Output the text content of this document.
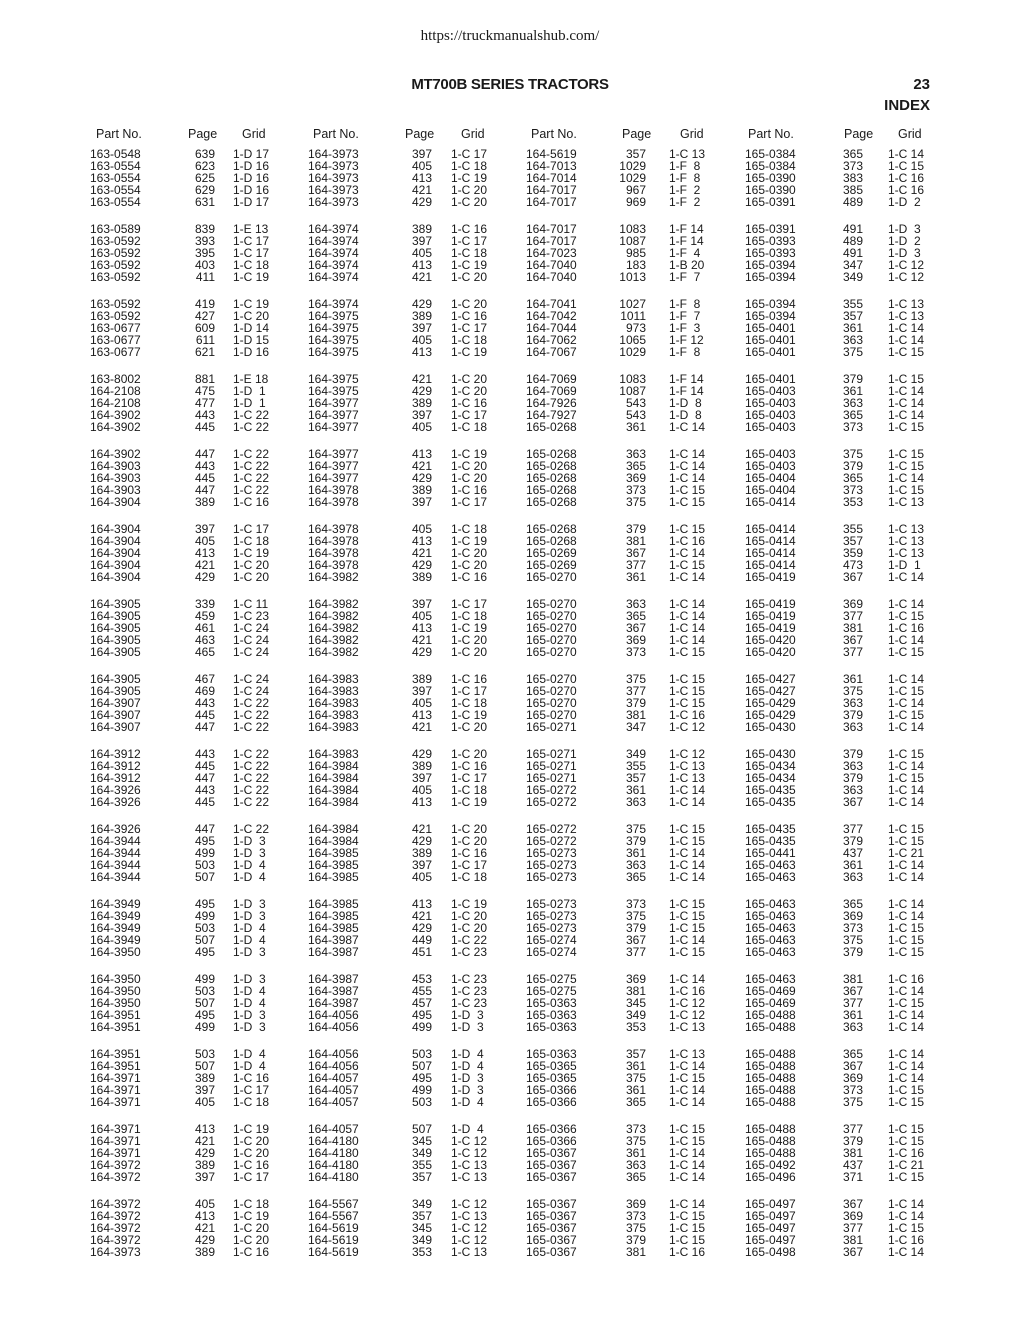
https://truckmanualshub.com/
MT700B SERIES TRACTORS	23
INDEX
Part No.	Page Grid	Part No.	Page Grid	Part No.	Page Grid	Part No.	Page Grid
163-0548	639 1-D 17	164-3973	397 1-C 17	164-5619	357 1-C 13	165-0384	365 1-C 14
163-0554	623 1-D 16	164-3973	405 1-C 18	164-7013	1029 1-F  8	165-0384	373 1-C 15
163-0554	625 1-D 16	164-3973	413 1-C 19	164-7014	1029 1-F  8	165-0390	383 1-C 16
163-0554	629 1-D 16	164-3973	421 1-C 20	164-7017	967 1-F  2	165-0390	385 1-C 16
163-0554	631 1-D 17	164-3973	429 1-C 20	164-7017	969 1-F  2	165-0391	489 1-D  2
163-0589	839 1-E 13	164-3974	389 1-C 16	164-7017	1083 1-F 14	165-0391	491 1-D  3
163-0592	393 1-C 17	164-3974	397 1-C 17	164-7017	1087 1-F 14	165-0393	489 1-D  2
163-0592	395 1-C 17	164-3974	405 1-C 18	164-7023	985 1-F  4	165-0393	491 1-D  3
163-0592	403 1-C 18	164-3974	413 1-C 19	164-7040	183 1-B 20	165-0394	347 1-C 12
163-0592	411 1-C 19	164-3974	421 1-C 20	164-7040	1013 1-F  7	165-0394	349 1-C 12
163-0592	419 1-C 19	164-3974	429 1-C 20	164-7041	1027 1-F  8	165-0394	355 1-C 13
163-0592	427 1-C 20	164-3975	389 1-C 16	164-7042	1011 1-F  7	165-0394	357 1-C 13
163-0677	609 1-D 14	164-3975	397 1-C 17	164-7044	973 1-F  3	165-0401	361 1-C 14
163-0677	611 1-D 15	164-3975	405 1-C 18	164-7062	1065 1-F 12	165-0401	363 1-C 14
163-0677	621 1-D 16	164-3975	413 1-C 19	164-7067	1029 1-F  8	165-0401	375 1-C 15
163-8002	881 1-E 18	164-3975	421 1-C 20	164-7069	1083 1-F 14	165-0401	379 1-C 15
164-2108	475 1-D  1	164-3975	429 1-C 20	164-7069	1087 1-F 14	165-0403	361 1-C 14
164-2108	477 1-D  1	164-3977	389 1-C 16	164-7926	543 1-D  8	165-0403	363 1-C 14
164-3902	443 1-C 22	164-3977	397 1-C 17	164-7927	543 1-D  8	165-0403	365 1-C 14
164-3902	445 1-C 22	164-3977	405 1-C 18	165-0268	361 1-C 14	165-0403	373 1-C 15
164-3902	447 1-C 22	164-3977	413 1-C 19	165-0268	363 1-C 14	165-0403	375 1-C 15
164-3903	443 1-C 22	164-3977	421 1-C 20	165-0268	365 1-C 14	165-0403	379 1-C 15
164-3903	445 1-C 22	164-3977	429 1-C 20	165-0268	369 1-C 14	165-0404	365 1-C 14
164-3903	447 1-C 22	164-3978	389 1-C 16	165-0268	373 1-C 15	165-0404	373 1-C 15
164-3904	389 1-C 16	164-3978	397 1-C 17	165-0268	375 1-C 15	165-0414	353 1-C 13
164-3904	397 1-C 17	164-3978	405 1-C 18	165-0268	379 1-C 15	165-0414	355 1-C 13
164-3904	405 1-C 18	164-3978	413 1-C 19	165-0268	381 1-C 16	165-0414	357 1-C 13
164-3904	413 1-C 19	164-3978	421 1-C 20	165-0269	367 1-C 14	165-0414	359 1-C 13
164-3904	421 1-C 20	164-3978	429 1-C 20	165-0269	377 1-C 15	165-0414	473 1-D  1
164-3904	429 1-C 20	164-3982	389 1-C 16	165-0270	361 1-C 14	165-0419	367 1-C 14
164-3905	339 1-C 11	164-3982	397 1-C 17	165-0270	363 1-C 14	165-0419	369 1-C 14
164-3905	459 1-C 23	164-3982	405 1-C 18	165-0270	365 1-C 14	165-0419	377 1-C 15
164-3905	461 1-C 24	164-3982	413 1-C 19	165-0270	367 1-C 14	165-0419	381 1-C 16
164-3905	463 1-C 24	164-3982	421 1-C 20	165-0270	369 1-C 14	165-0420	367 1-C 14
164-3905	465 1-C 24	164-3982	429 1-C 20	165-0270	373 1-C 15	165-0420	377 1-C 15
164-3905	467 1-C 24	164-3983	389 1-C 16	165-0270	375 1-C 15	165-0427	361 1-C 14
164-3905	469 1-C 24	164-3983	397 1-C 17	165-0270	377 1-C 15	165-0427	375 1-C 15
164-3907	443 1-C 22	164-3983	405 1-C 18	165-0270	379 1-C 15	165-0429	363 1-C 14
164-3907	445 1-C 22	164-3983	413 1-C 19	165-0270	381 1-C 16	165-0429	379 1-C 15
164-3907	447 1-C 22	164-3983	421 1-C 20	165-0271	347 1-C 12	165-0430	363 1-C 14
164-3912	443 1-C 22	164-3983	429 1-C 20	165-0271	349 1-C 12	165-0430	379 1-C 15
164-3912	445 1-C 22	164-3984	389 1-C 16	165-0271	355 1-C 13	165-0434	363 1-C 14
164-3912	447 1-C 22	164-3984	397 1-C 17	165-0271	357 1-C 13	165-0434	379 1-C 15
164-3926	443 1-C 22	164-3984	405 1-C 18	165-0272	361 1-C 14	165-0435	363 1-C 14
164-3926	445 1-C 22	164-3984	413 1-C 19	165-0272	363 1-C 14	165-0435	367 1-C 14
164-3926	447 1-C 22	164-3984	421 1-C 20	165-0272	375 1-C 15	165-0435	377 1-C 15
164-3944	495 1-D  3	164-3984	429 1-C 20	165-0272	379 1-C 15	165-0435	379 1-C 15
164-3944	499 1-D  3	164-3985	389 1-C 16	165-0273	361 1-C 14	165-0441	437 1-C 21
164-3944	503 1-D  4	164-3985	397 1-C 17	165-0273	363 1-C 14	165-0463	361 1-C 14
164-3944	507 1-D  4	164-3985	405 1-C 18	165-0273	365 1-C 14	165-0463	363 1-C 14
164-3949	495 1-D  3	164-3985	413 1-C 19	165-0273	373 1-C 15	165-0463	365 1-C 14
164-3949	499 1-D  3	164-3985	421 1-C 20	165-0273	375 1-C 15	165-0463	369 1-C 14
164-3949	503 1-D  4	164-3985	429 1-C 20	165-0273	379 1-C 15	165-0463	373 1-C 15
164-3949	507 1-D  4	164-3987	449 1-C 22	165-0274	367 1-C 14	165-0463	375 1-C 15
164-3950	495 1-D  3	164-3987	451 1-C 23	165-0274	377 1-C 15	165-0463	379 1-C 15
164-3950	499 1-D  3	164-3987	453 1-C 23	165-0275	369 1-C 14	165-0463	381 1-C 16
164-3950	503 1-D  4	164-3987	455 1-C 23	165-0275	381 1-C 16	165-0469	367 1-C 14
164-3950	507 1-D  4	164-3987	457 1-C 23	165-0363	345 1-C 12	165-0469	377 1-C 15
164-3951	495 1-D  3	164-4056	495 1-D  3	165-0363	349 1-C 12	165-0488	361 1-C 14
164-3951	499 1-D  3	164-4056	499 1-D  3	165-0363	353 1-C 13	165-0488	363 1-C 14
164-3951	503 1-D  4	164-4056	503 1-D  4	165-0363	357 1-C 13	165-0488	365 1-C 14
164-3951	507 1-D  4	164-4056	507 1-D  4	165-0365	361 1-C 14	165-0488	367 1-C 14
164-3971	389 1-C 16	164-4057	495 1-D  3	165-0365	375 1-C 15	165-0488	369 1-C 14
164-3971	397 1-C 17	164-4057	499 1-D  3	165-0366	361 1-C 14	165-0488	373 1-C 15
164-3971	405 1-C 18	164-4057	503 1-D  4	165-0366	365 1-C 14	165-0488	375 1-C 15
164-3971	413 1-C 19	164-4057	507 1-D  4	165-0366	373 1-C 15	165-0488	377 1-C 15
164-3971	421 1-C 20	164-4180	345 1-C 12	165-0366	375 1-C 15	165-0488	379 1-C 15
164-3971	429 1-C 20	164-4180	349 1-C 12	165-0367	361 1-C 14	165-0488	381 1-C 16
164-3972	389 1-C 16	164-4180	355 1-C 13	165-0367	363 1-C 14	165-0492	437 1-C 21
164-3972	397 1-C 17	164-4180	357 1-C 13	165-0367	365 1-C 14	165-0496	371 1-C 15
164-3972	405 1-C 18	164-5567	349 1-C 12	165-0367	369 1-C 14	165-0497	367 1-C 14
164-3972	413 1-C 19	164-5567	357 1-C 13	165-0367	373 1-C 15	165-0497	369 1-C 14
164-3972	421 1-C 20	164-5619	345 1-C 12	165-0367	375 1-C 15	165-0497	377 1-C 15
164-3972	429 1-C 20	164-5619	349 1-C 12	165-0367	379 1-C 15	165-0497	381 1-C 16
164-3973	389 1-C 16	164-5619	353 1-C 13	165-0367	381 1-C 16	165-0498	367 1-C 14
